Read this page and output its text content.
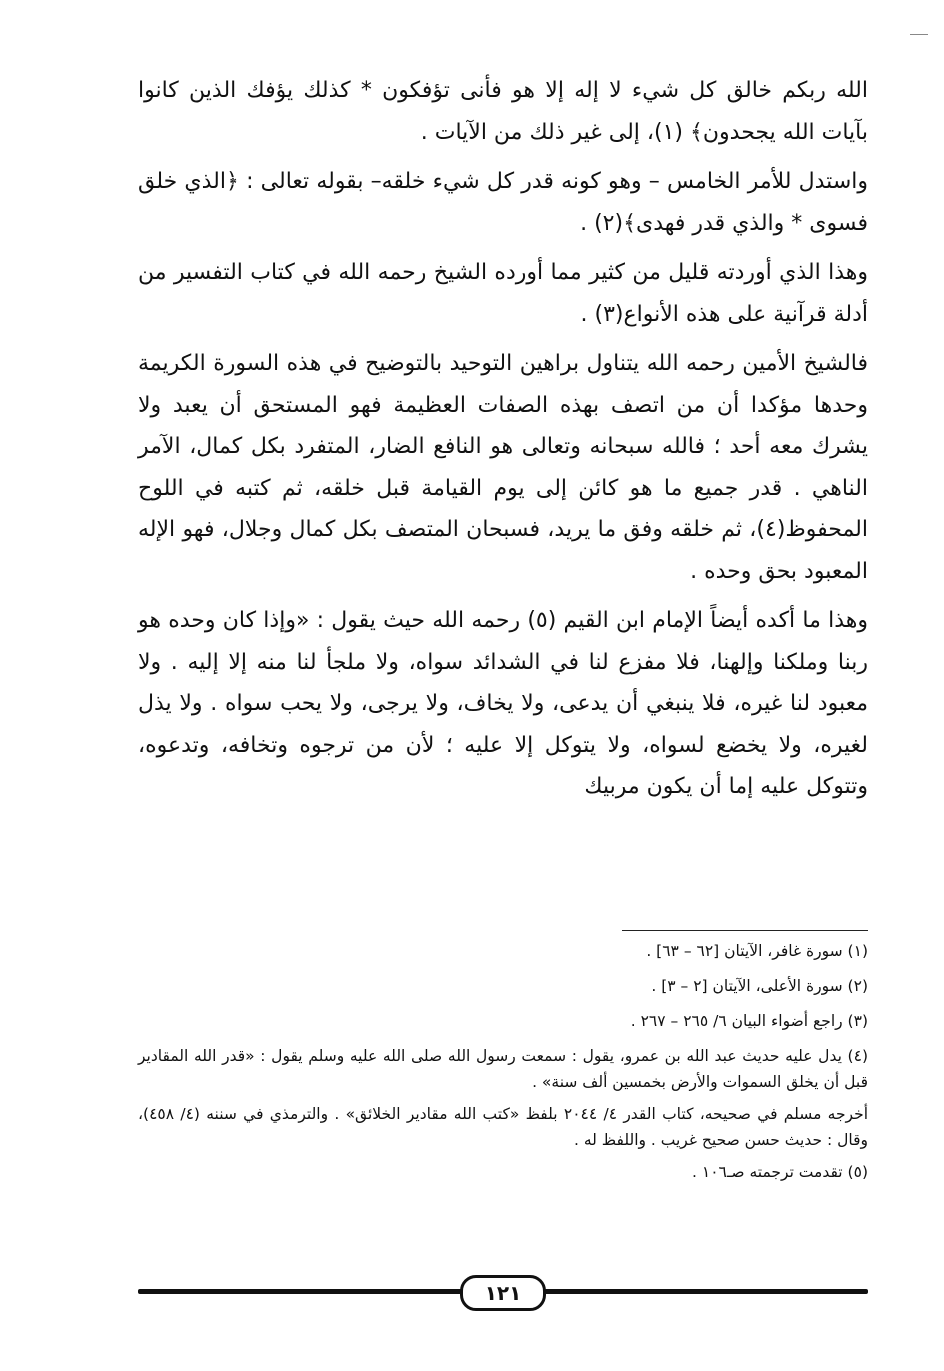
الله ربكم خالق كل شيء لا إله إلا هو فأنى تؤفكون * كذلك يؤفك الذين كانوا بآيات الله يجحدون﴾ (١)، إلى غير ذلك من الآيات .

واستدل للأمر الخامس – وهو كونه قدر كل شيء خلقه– بقوله تعالى : ﴿الذي خلق فسوى * والذي قدر فهدى﴾(٢) .

وهذا الذي أوردته قليل من كثير مما أورده الشيخ رحمه الله في كتاب التفسير من أدلة قرآنية على هذه الأنواع(٣) .

فالشيخ الأمين رحمه الله يتناول براهين التوحيد بالتوضيح في هذه السورة الكريمة وحدها مؤكدا أن من اتصف بهذه الصفات العظيمة فهو المستحق أن يعبد ولا يشرك معه أحد ؛ فالله سبحانه وتعالى هو النافع الضار، المتفرد بكل كمال، الآمر الناهي . قدر جميع ما هو كائن إلى يوم القيامة قبل خلقه، ثم كتبه في اللوح المحفوظ(٤)، ثم خلقه وفق ما يريد، فسبحان المتصف بكل كمال وجلال، فهو الإله المعبود بحق وحده .

وهذا ما أكده أيضاً الإمام ابن القيم (٥) رحمه الله حيث يقول : «وإذا كان وحده هو ربنا وملكنا وإلهنا، فلا مفزع لنا في الشدائد سواه، ولا ملجأ لنا منه إلا إليه . ولا معبود لنا غيره، فلا ينبغي أن يدعى، ولا يخاف، ولا يرجى، ولا يحب سواه . ولا يذل لغيره، ولا يخضع لسواه، ولا يتوكل إلا عليه ؛ لأن من ترجوه وتخافه، وتدعوه، وتتوكل عليه إما أن يكون مربيك

(١) سورة غافر، الآيتان [٦٢ – ٦٣] .

(٢) سورة الأعلى، الآيتان [٢ – ٣] .

(٣) راجع أضواء البيان ٦/ ٢٦٥ – ٢٦٧ .

(٤) يدل عليه حديث عبد الله بن عمرو، يقول : سمعت رسول الله صلى الله عليه وسلم يقول : «قدر الله المقادير قبل أن يخلق السموات والأرض بخمسين ألف سنة» .

أخرجه مسلم في صحيحه، كتاب القدر ٤/ ٢٠٤٤ بلفظ «كتب الله مقادير الخلائق» . والترمذي في سننه (٤/ ٤٥٨)، وقال : حديث حسن صحيح غريب . واللفظ له .

(٥) تقدمت ترجمته صـ١٠٦ .

١٢١
